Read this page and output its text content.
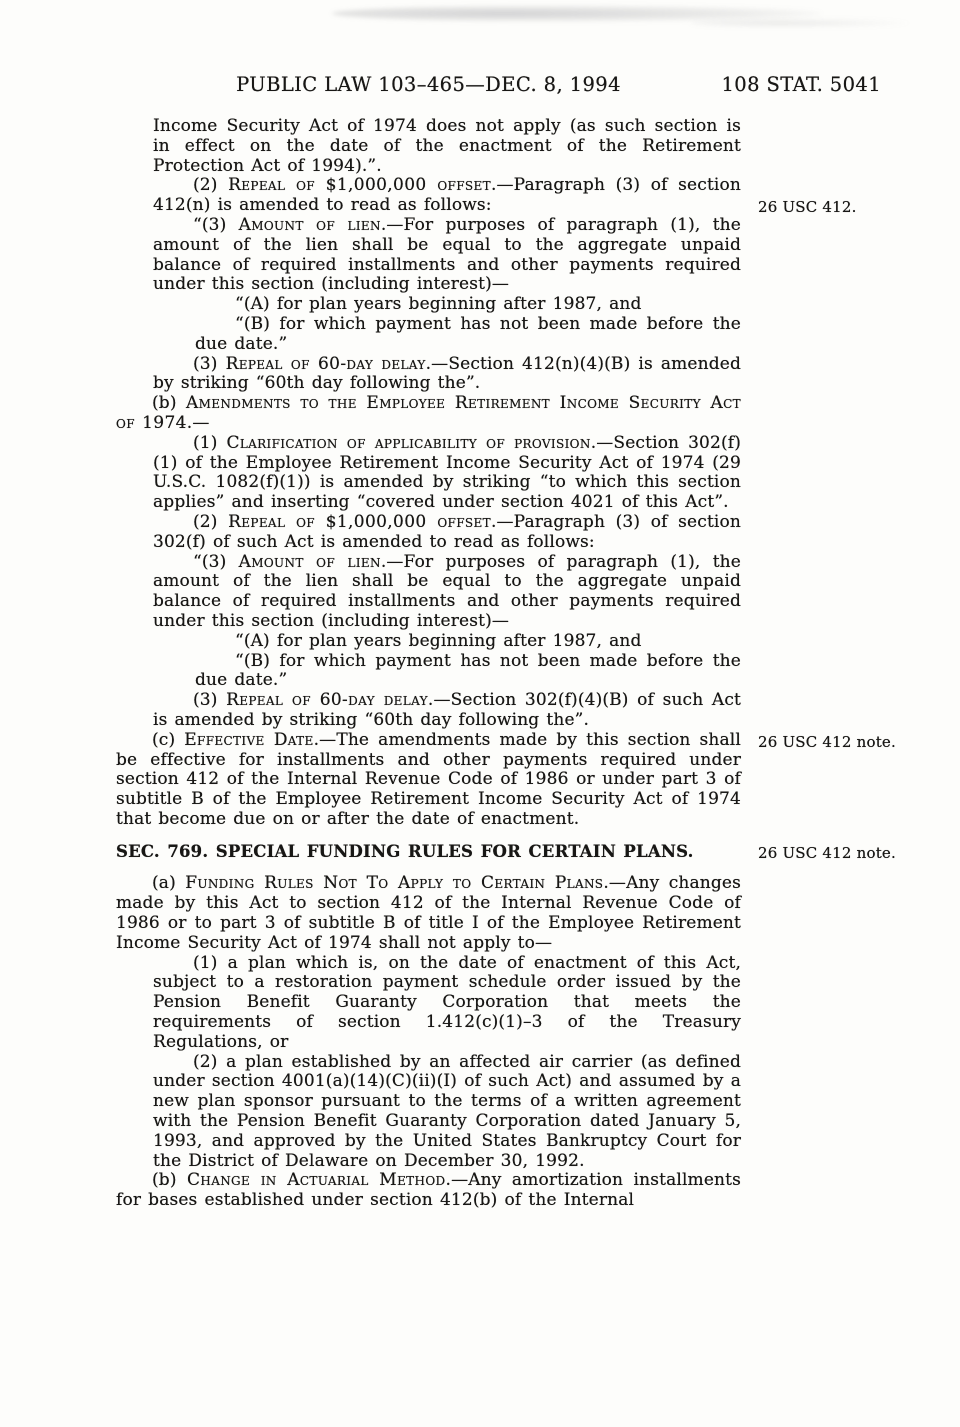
PUBLIC LAW 103–465—DEC. 8, 1994	108 STAT. 5041

Income Security Act of 1974 does not apply (as such section is in effect on the date of the enactment of the Retirement Protection Act of 1994).”.

(2) Repeal of $1,000,000 offset.—Paragraph (3) of section 412(n) is amended to read as follows:	26 USC 412.

“(3) Amount of lien.—For purposes of paragraph (1), the amount of the lien shall be equal to the aggregate unpaid balance of required installments and other payments required under this section (including interest)—

“(A) for plan years beginning after 1987, and

“(B) for which payment has not been made before the due date.”

(3) Repeal of 60-day delay.—Section 412(n)(4)(B) is amended by striking “60th day following the”.

(b) Amendments to the Employee Retirement Income Security Act of 1974.—

(1) Clarification of applicability of provision.—Section 302(f)(1) of the Employee Retirement Income Security Act of 1974 (29 U.S.C. 1082(f)(1)) is amended by striking “to which this section applies” and inserting “covered under section 4021 of this Act”.

(2) Repeal of $1,000,000 offset.—Paragraph (3) of section 302(f) of such Act is amended to read as follows:

“(3) Amount of lien.—For purposes of paragraph (1), the amount of the lien shall be equal to the aggregate unpaid balance of required installments and other payments required under this section (including interest)—

“(A) for plan years beginning after 1987, and

“(B) for which payment has not been made before the due date.”

(3) Repeal of 60-day delay.—Section 302(f)(4)(B) of such Act is amended by striking “60th day following the”.

(c) Effective Date.—The amendments made by this section shall be effective for installments and other payments required under section 412 of the Internal Revenue Code of 1986 or under part 3 of subtitle B of the Employee Retirement Income Security Act of 1974 that become due on or after the date of enactment.
26 USC 412 note.

SEC. 769. SPECIAL FUNDING RULES FOR CERTAIN PLANS.	26 USC 412 note.

(a) Funding Rules Not To Apply to Certain Plans.—Any changes made by this Act to section 412 of the Internal Revenue Code of 1986 or to part 3 of subtitle B of title I of the Employee Retirement Income Security Act of 1974 shall not apply to—

(1) a plan which is, on the date of enactment of this Act, subject to a restoration payment schedule order issued by the Pension Benefit Guaranty Corporation that meets the requirements of section 1.412(c)(1)–3 of the Treasury Regulations, or

(2) a plan established by an affected air carrier (as defined under section 4001(a)(14)(C)(ii)(I) of such Act) and assumed by a new plan sponsor pursuant to the terms of a written agreement with the Pension Benefit Guaranty Corporation dated January 5, 1993, and approved by the United States Bankruptcy Court for the District of Delaware on December 30, 1992.

(b) Change in Actuarial Method.—Any amortization installments for bases established under section 412(b) of the Internal
